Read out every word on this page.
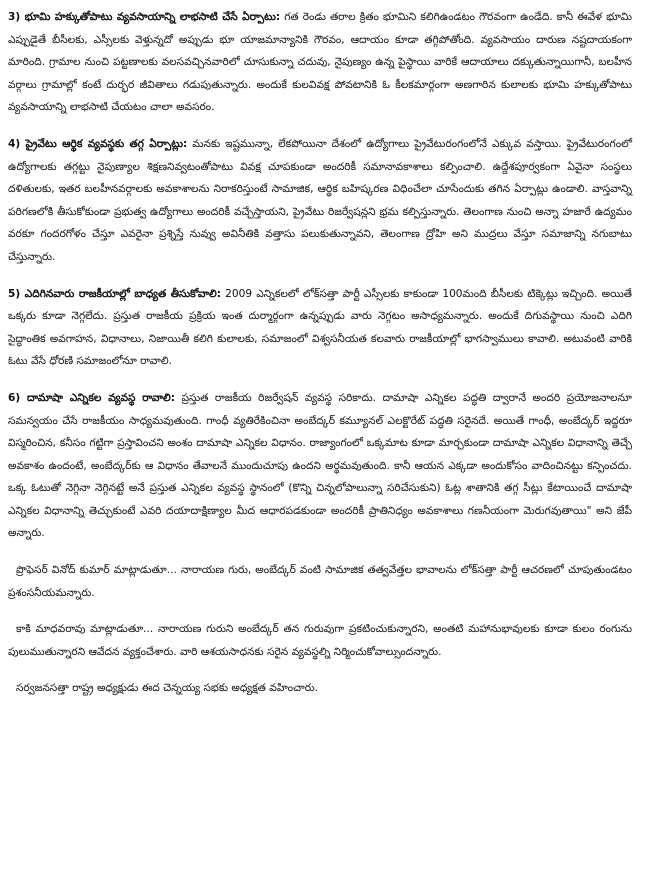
3) భూమి హక్కుతోపాటు వ్యవసాయాన్ని లాభసాటి చేసే ఏర్పాటు: గత రెండు తరాల క్రితం భూమిని కలిగిఉండటం గౌరవంగా ఉండేది. కానీ ఈవేళ భూమి ఎప్పుడైతే బీసీలకు, ఎస్సీలకు వెళ్తున్నదో అప్పుడు భూ యాజమాన్యానికి గౌరవం, ఆదాయం కూడా తగ్గిపోతోంది. వ్యవసాయం దారుణ నష్టదాయకంగా మారింది. గ్రామాల నుంచి పట్టణాలకు వలసవచ్చినవారిలో చూసుకున్నా చదువు, నైపుణ్యం ఉన్న పైస్థాయి వారికే ఆదాయాలు దక్కుతున్నాయిగానీ, బలహీన వర్గాలు గ్రామాల్లో కంటే దుర్భర జీవితాలు గడుపుతున్నారు. అందుకే కులవివక్ష పోవటానికి ఓ కీలకమార్గంగా అణగారిన కులాలకు భూమి హక్కుతోపాటు వ్యవసాయాన్ని లాభసాటి చేయటం చాలా అవసరం.

4) ప్రైవేటు ఆర్థిక వ్యవస్థకు తగ్గ ఏర్పాట్లు: మనకు ఇష్టమున్నా, లేకపోయినా దేశంలో ఉద్యోగాలు ప్రైవేటురంగంలోనే ఎక్కువ వస్తాయి. ప్రైవేటురంగంలో ఉద్యోగాలకు తగ్గట్టు నైపుణ్యాల శిక్షణనివ్వటంతోపాటు వివక్ష చూపకుండా అందరికీ సమానావకాశాలు కల్పించాలి. ఉద్దేశపూర్వకంగా ఏవైనా సంస్థలు దళితులకు, ఇతర బలహీనవర్గాలకు అవకాశాలను నిరాకరిస్తుంటే సామాజిక, ఆర్థిక బహిష్కరణ విధించేలా చూసేందుకు తగిన ఏర్పాట్లు ఉండాలి. వాస్తవాన్ని పరిగణలోకి తీసుకోకుండా ప్రభుత్వ ఉద్యోగాలు అందరికీ వచ్చేస్తాయని, ప్రైవేటు రిజర్వేషన్లని భ్రమ కల్పిస్తున్నారు. తెలంగాణ నుంచి అన్నా హజారే ఉద్యమం వరకూ గందరగోళం చేస్తూ ఎవరైనా ప్రశ్నిస్తే నువ్వు అవినీతికి వత్తాసు పలుకుతున్నావని, తెలంగాణ ద్రోహి అని ముద్రలు వేస్తూ సమాజాన్ని నగుబాటు చేస్తున్నారు.

5) ఎదిగినవారు రాజకీయాల్లో బాధ్యత తీసుకోవాలి: 2009 ఎన్నికలలో లోక్‌సత్తా పార్టీ ఎస్సీలకు కాకుండా 100మంది బీసీలకు టిక్కెట్లు ఇచ్చింది. అయితే ఒక్కరు కూడా నెగ్గలేదు. ప్రస్తుత రాజకీయ ప్రక్రియ ఇంత దుర్మార్గంగా ఉన్నప్పుడు వారు నెగ్గటం అసాధ్యమన్నారు. అందుకే దిగువస్థాయి నుంచి ఎదిగి సైద్ధాంతిక అవగాహన, విధానాలు, నిజాయితీ కలిగి కులాలకు, సమాజంలో విశ్వసనీయత కలవారు రాజకీయాల్లో భాగస్వాములు కావాలి. అటువంటి వారికి ఓటు వేసే ధోరణి సమాజంలోనూ రావాలి.

6) దామాషా ఎన్నికల వ్యవస్థ రావాలి: ప్రస్తుత రాజకీయ రిజర్వేషన్ వ్యవస్థ సరికాదు. దామాషా ఎన్నికల పద్ధతి ద్వారానే అందరి ప్రయోజనాలనూ సమన్వయం చేసే రాజకీయం సాధ్యమవుతుంది. గాంధీ వ్యతిరేకించినా అంబేద్కర్ కమ్యూనల్ ఎలక్టొరేట్ పద్ధతి సరైనదే. అయితే గాంధీ, అంబేద్కర్ ఇద్దరూ విస్మరించిన, కనీసం గట్టిగా ప్రస్తావించని అంశం దామాషా ఎన్నికల విధానం. రాజ్యాంగంలో ఒక్కమాట కూడా మార్చకుండా దామాషా ఎన్నికల విధానాన్ని తెచ్చే అవకాశం ఉందంటే, అంబేద్కర్‌కు ఆ విధానం తేవాలనే ముందుచూపు ఉందని అర్థమవుతుంది. కానీ ఆయన ఎక్కడా అందుకోసం వాదించినట్టు కన్పించదు. ఒక్క ఓటుతో నెగ్గినా నెగ్గినట్టే అనే ప్రస్తుత ఎన్నికల వ్యవస్థ స్థానంలో (కొన్ని చిన్నలోపాలున్నా సరిచేసుకుని) ఓట్ల శాతానికి తగ్గ సీట్లు కేటాయించే దామాషా ఎన్నికల విధానాన్ని తెచ్చుకుంటే ఎవరి దయాదాక్షిణ్యాల మీద ఆధారపడకుండా అందరికీ ప్రాతినిధ్యం అవకాశాలు గణనీయంగా మెరుగవుతాయి" అని జేపీ అన్నారు.

ప్రొఫెసర్ వినోద్ కుమార్ మాట్లాడుతూ... నారాయణ గురు, అంబేద్కర్ వంటి సామాజిక తత్వవేత్తల భావాలను లోక్‌సత్తా పార్టీ ఆచరణలో చూపుతుండటం ప్రశంసనీయమన్నారు.

కాకి మాధవరావు మాట్లాడుతూ... నారాయణ గురుని అంబేద్కర్ తన గురువుగా ప్రకటించుకున్నారని, అంతటి మహానుభావులకు కూడా కులం రంగును పులుముతున్నారని ఆవేదన వ్యక్తంచేశారు. వారి ఆశయసాధనకు సరైన వ్యవస్థల్ని నిర్మించుకోవాల్సుందన్నారు.

సర్వజనసత్తా రాష్ట్ర అధ్యక్షుడు ఈద చెన్నయ్య సభకు అధ్యక్షత వహించారు.
